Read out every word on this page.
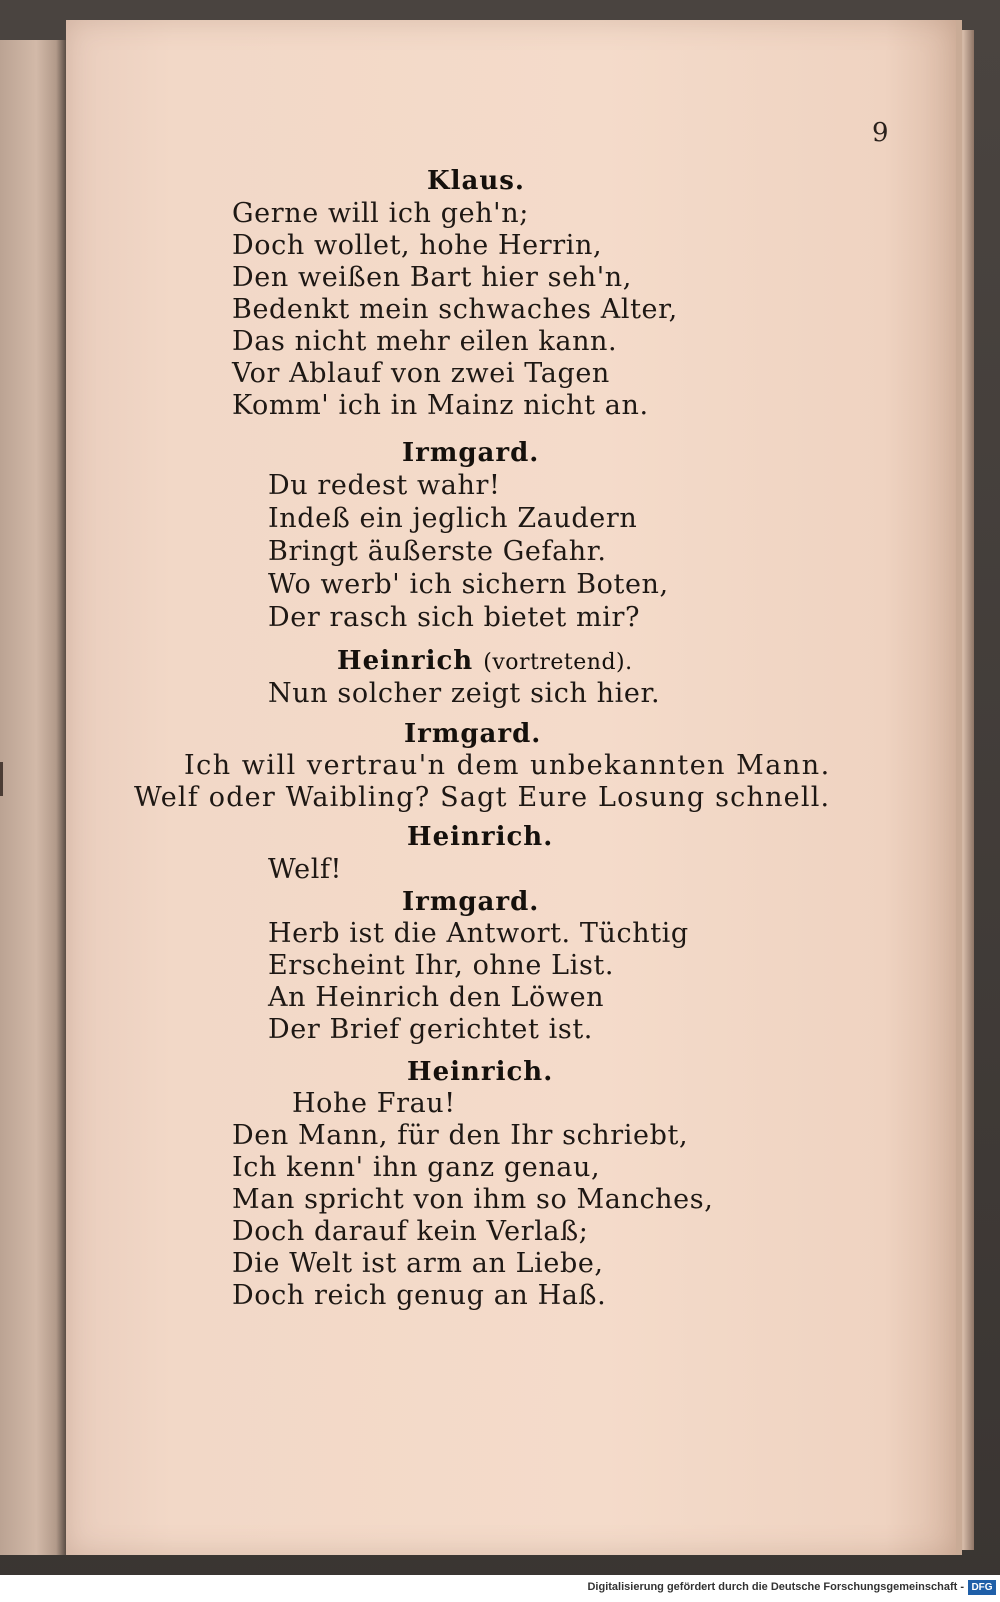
9
Klaus.
Gerne will ich geh'n;
Doch wollet, hohe Herrin,
Den weißen Bart hier seh'n,
Bedenkt mein schwaches Alter,
Das nicht mehr eilen kann.
Vor Ablauf von zwei Tagen
Komm' ich in Mainz nicht an.
Irmgard.
Du redest wahr!
Indeß ein jeglich Zaudern
Bringt äußerste Gefahr.
Wo werb' ich sichern Boten,
Der rasch sich bietet mir?
Heinrich (vortretend).
Nun solcher zeigt sich hier.
Irmgard.
Ich will vertrau'n dem unbekannten Mann.
Welf oder Waibling? Sagt Eure Losung schnell.
Heinrich.
Welf!
Irmgard.
Herb ist die Antwort. Tüchtig
Erscheint Ihr, ohne List.
An Heinrich den Löwen
Der Brief gerichtet ist.
Heinrich.
Hohe Frau!
Den Mann, für den Ihr schriebt,
Ich kenn' ihn ganz genau,
Man spricht von ihm so Manches,
Doch darauf kein Verlaß;
Die Welt ist arm an Liebe,
Doch reich genug an Haß.
Digitalisierung gefördert durch die Deutsche Forschungsgemeinschaft - DFG
